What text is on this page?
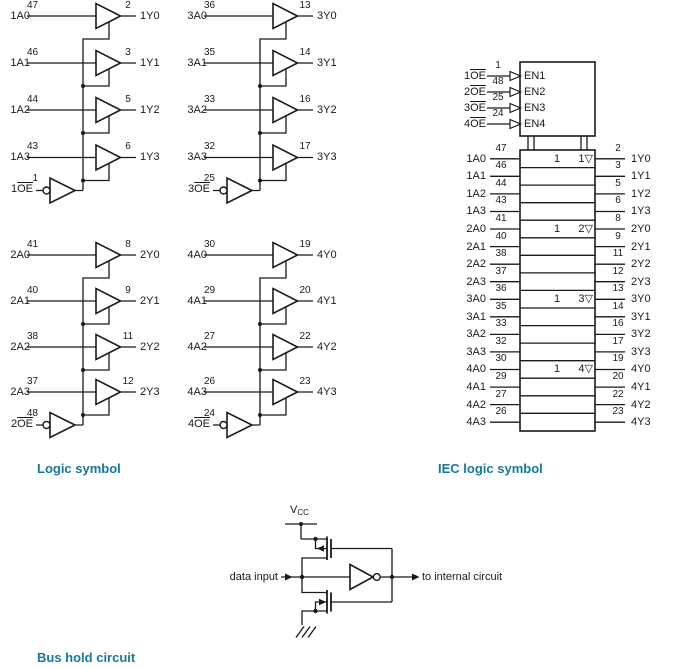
1A0
47	2
1Y0
1A1
46	3
1Y1
1A2
44	5
1Y2
1A3
43	6
1Y3
$1\overline{OE}$
1
2A0
41	8
2Y0
2A1
40	9
2Y1
2A2
38	11
2Y2
2A3
37	12
2Y3
$2\overline{OE}$
48
3A0
36	13
3Y0
3A1
35	14
3Y1
3A2
33	16
3Y2
3A3
32	17
3Y3
$3\overline{OE}$
25
4A0
30	19
4Y0
4A1
29	20
4Y1
4A2
27	22
4Y2
4A3
26	23
4Y3
$4\overline{OE}$
24
$1\overline{OE}$
1
EN1
$2\overline{OE}$
48
EN2
$3\overline{OE}$
25
EN3
$4\overline{OE}$
24
EN4
1A0
47	2
1Y0
1	1▽
1A1
46	3
1Y1
1A2
44	5
1Y2
1A3
43	6
1Y3
2A0
41	8
2Y0
1	2▽
2A1
40	9
2Y1
2A2
38	11
2Y2
2A3
37	12
2Y3
3A0
36	13
3Y0
1	3▽
3A1
35	14
3Y1
3A2
33	16
3Y2
3A3
32	17
3Y3
4A0
30	19
4Y0
1	4▽
4A1
29	20
4Y1
4A2
27	22
4Y2
4A3
26	23
4Y3
$V_{CC}$
data input	to internal circuit
Logic symbol	IEC logic symbol
Bus hold circuit
